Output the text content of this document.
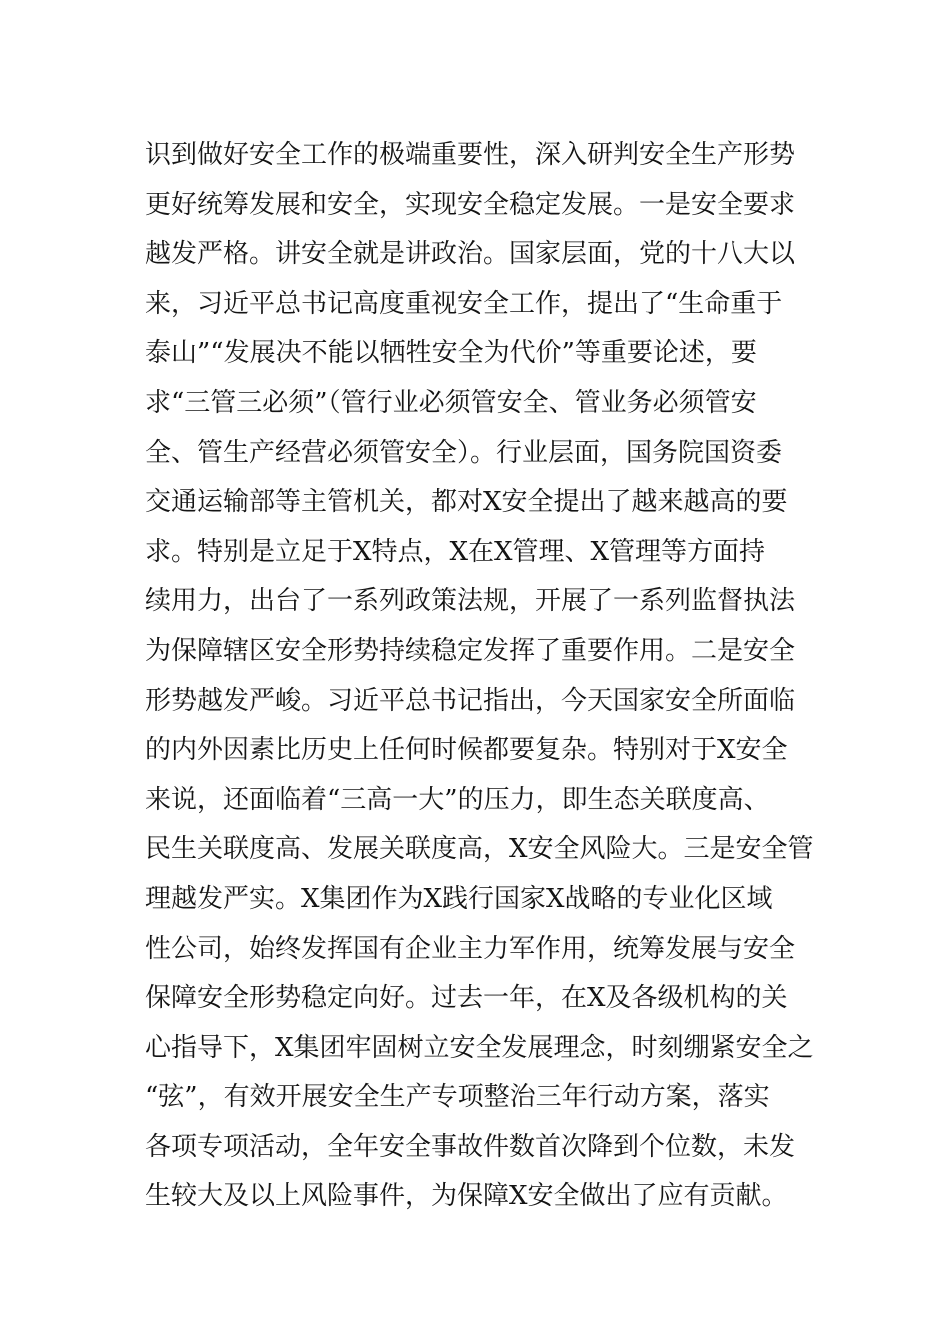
识到做好安全工作的极端重要性，深入研判安全生产形势
更好统筹发展和安全，实现安全稳定发展。一是安全要求
越发严格。讲安全就是讲政治。国家层面，党的十八大以
来，习近平总书记高度重视安全工作，提出了“生命重于
泰山”“发展决不能以牺牲安全为代价”等重要论述，要
求“三管三必须”（管行业必须管安全、管业务必须管安
全、管生产经营必须管安全）。行业层面，国务院国资委
交通运输部等主管机关，都对X安全提出了越来越高的要
求。特别是立足于X特点，X在X管理、X管理等方面持
续用力，出台了一系列政策法规，开展了一系列监督执法
为保障辖区安全形势持续稳定发挥了重要作用。二是安全
形势越发严峻。习近平总书记指出，今天国家安全所面临
的内外因素比历史上任何时候都要复杂。特别对于X安全
来说，还面临着“三高一大”的压力，即生态关联度高、
民生关联度高、发展关联度高，X安全风险大。三是安全管
理越发严实。X集团作为X践行国家X战略的专业化区域
性公司，始终发挥国有企业主力军作用，统筹发展与安全
保障安全形势稳定向好。过去一年，在X及各级机构的关
心指导下，X集团牢固树立安全发展理念，时刻绷紧安全之
“弦”，有效开展安全生产专项整治三年行动方案，落实
各项专项活动，全年安全事故件数首次降到个位数，未发
生较大及以上风险事件，为保障X安全做出了应有贡献。
